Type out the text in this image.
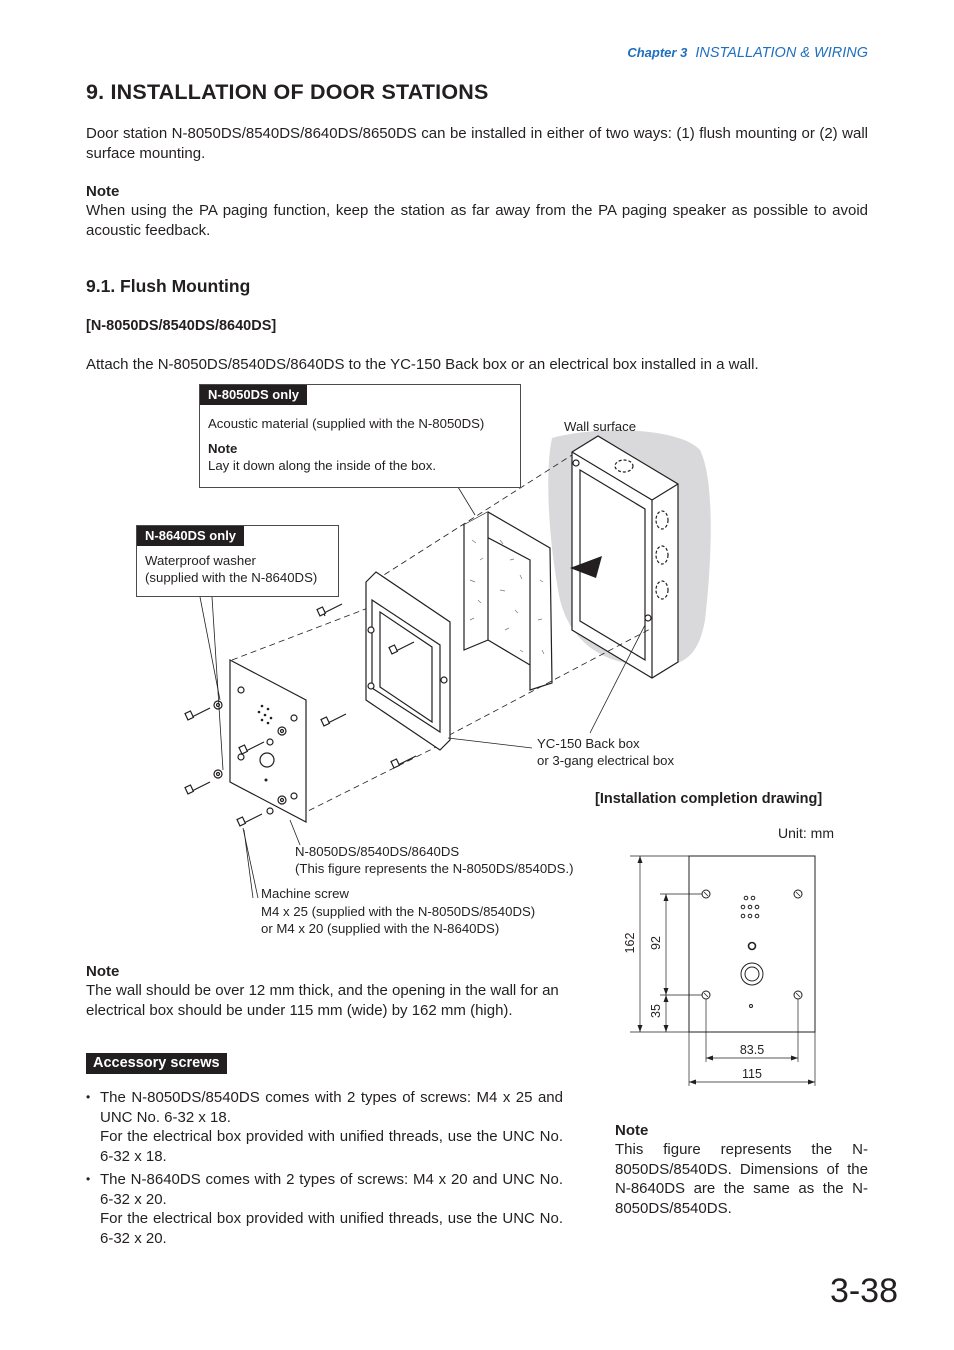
Chapter 3 INSTALLATION & WIRING
9. INSTALLATION OF DOOR STATIONS
Door station N-8050DS/8540DS/8640DS/8650DS can be installed in either of two ways: (1) flush mounting or (2) wall surface mounting.
Note
When using the PA paging function, keep the station as far away from the PA paging speaker as possible to avoid acoustic feedback.
9.1. Flush Mounting
[N-8050DS/8540DS/8640DS]
Attach the N-8050DS/8540DS/8640DS to the YC-150 Back box or an electrical box installed in a wall.
N-8050DS only
Acoustic material (supplied with the N-8050DS)
Note
Lay it down along the inside of the box.
N-8640DS only
Waterproof washer
(supplied with the N-8640DS)
Wall surface
YC-150 Back box
or 3-gang electrical box
N-8050DS/8540DS/8640DS
(This figure represents the N-8050DS/8540DS.)
Machine screw
M4 x 25 (supplied with the N-8050DS/8540DS)
or M4 x 20 (supplied with the N-8640DS)
[Installation completion drawing]
Unit: mm
162 92
35
83.5
115
Note
The wall should be over 12 mm thick, and the opening in the wall for an electrical box should be under 115 mm (wide) by 162 mm (high).
Accessory screws
• The N-8050DS/8540DS comes with 2 types of screws: M4 x 25 and UNC No. 6-32 x 18.
For the electrical box provided with unified threads, use the UNC No. 6-32 x 18.
• The N-8640DS comes with 2 types of screws: M4 x 20 and UNC No. 6-32 x 20.
For the electrical box provided with unified threads, use the UNC No. 6-32 x 20.
Note
This figure represents the N-8050DS/8540DS. Dimensions of the N-8640DS are the same as the N-8050DS/8540DS.
3-38
